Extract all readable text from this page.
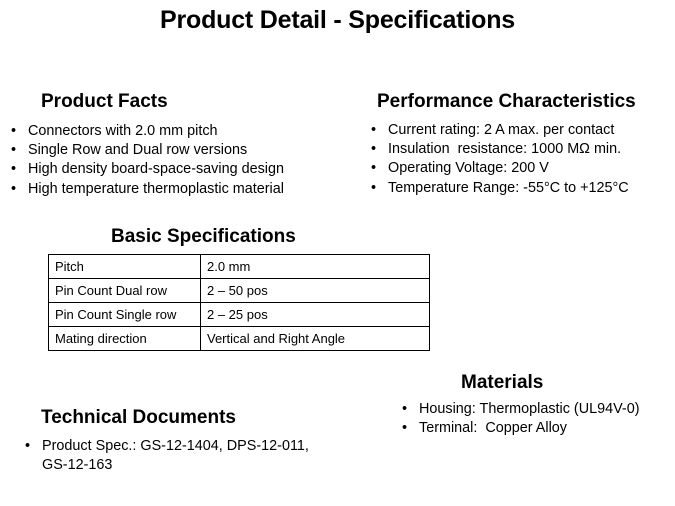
Product Detail - Specifications
Product Facts
• Connectors with 2.0 mm pitch
• Single Row and Dual row versions
• High density board-space-saving design
• High temperature thermoplastic material
Performance Characteristics
• Current rating: 2 A max. per contact
• Insulation  resistance: 1000 MΩ min.
• Operating Voltage: 200 V
• Temperature Range: -55°C to +125°C
Basic Specifications
Pitch	2.0 mm
Pin Count Dual row	2 – 50 pos
Pin Count Single row	2 – 25 pos
Mating direction	Vertical and Right Angle
Materials
• Housing: Thermoplastic (UL94V-0)
• Terminal:  Copper Alloy
Technical Documents
• Product Spec.: GS-12-1404, DPS-12-011,
GS-12-163
